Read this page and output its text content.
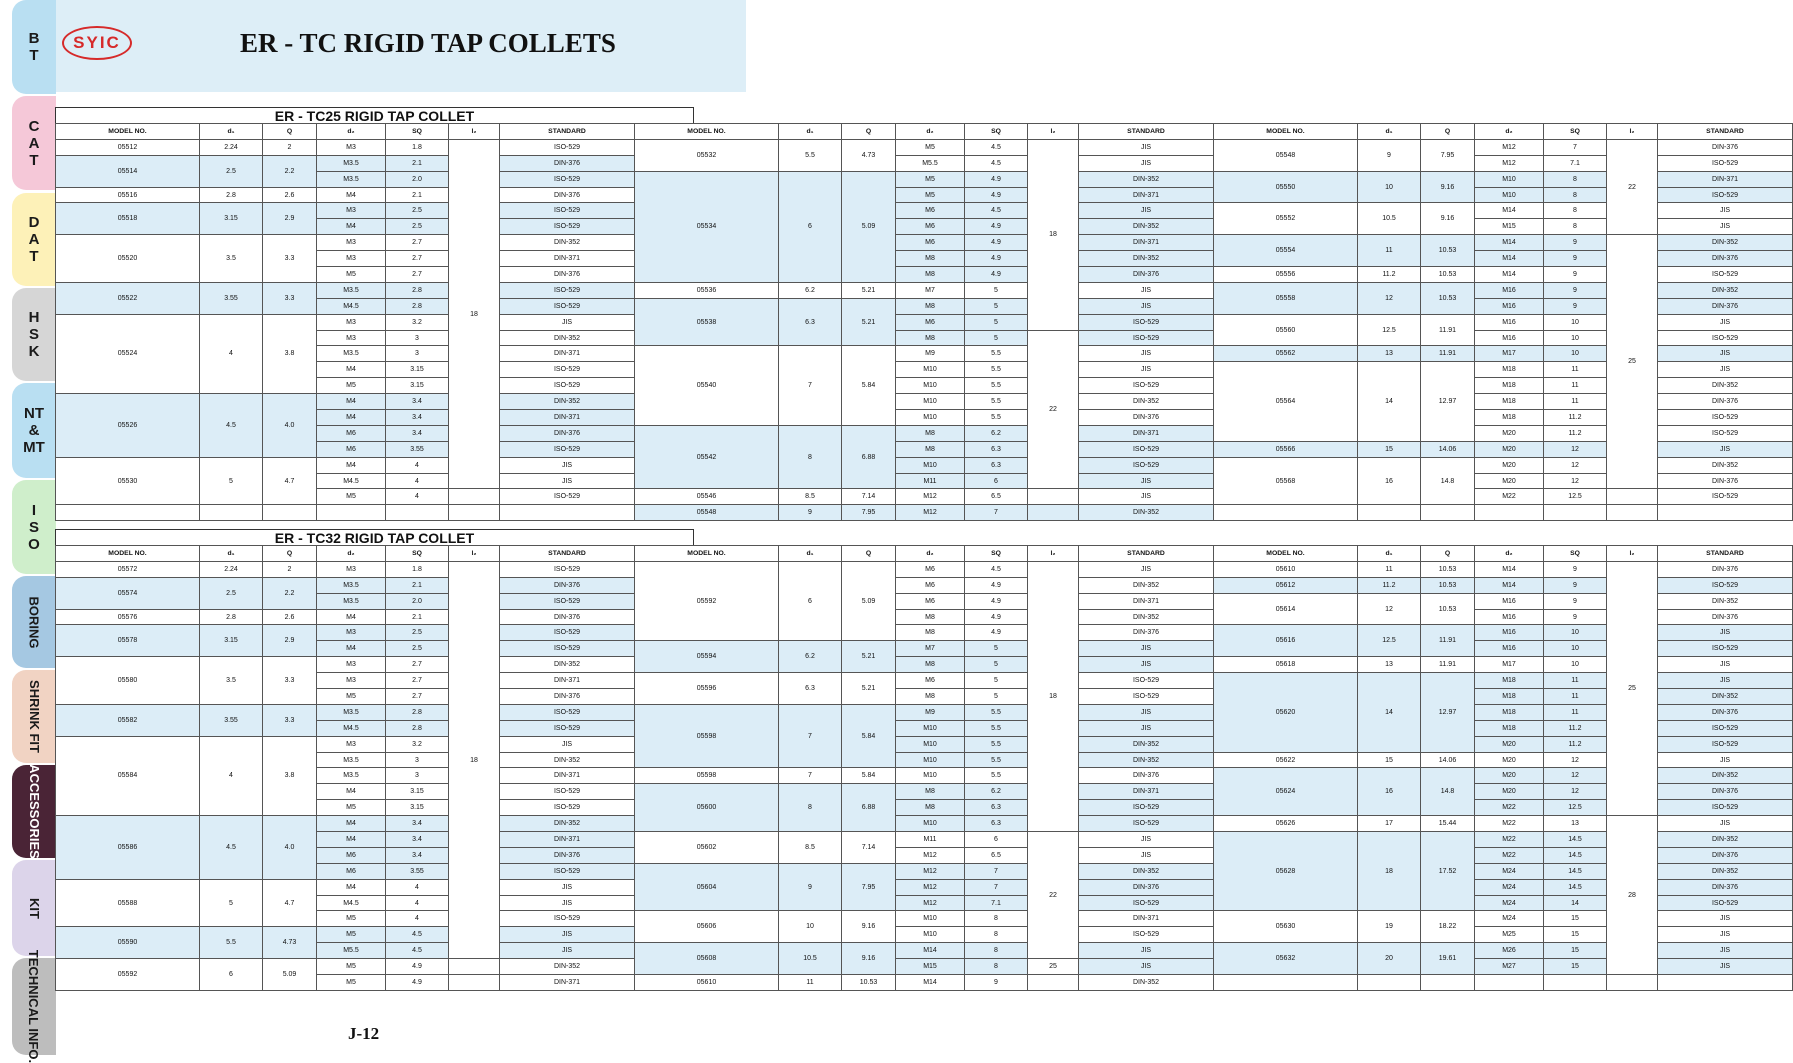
SYIC	ER - TC RIGID TAP COLLETS
B
T
C
A
T
D
A
T
H
S
K
NT
&
MT
I
S
O
BORING
SHRINK FIT
ACCESSORIES
KIT
TECHNICAL INFO.
ER - TC25 RIGID TAP COLLET
MODEL NO.	d₁	Q	d₂	SQ	l₂	STANDARD	MODEL NO.	d₁	Q	d₂	SQ	l₂	STANDARD	MODEL NO.	d₁	Q	d₂	SQ	l₂	STANDARD
05512	2.24	2	M3	1.8	18	ISO-529	05532	5.5	4.73	M5	4.5	18	JIS	05548	9	7.95	M12	7	22	DIN-376
05514	2.5	2.2	M3.5	2.1		DIN-376				M5.5	4.5		JIS				M12	7.1		ISO-529
			M3.5	2.0		ISO-529	05534	6	5.09	M5	4.9		DIN-352	05550	10	9.16	M10	8		DIN-371
05516	2.8	2.6	M4	2.1		DIN-376				M5	4.9		DIN-371				M10	8		ISO-529
05518	3.15	2.9	M3	2.5		ISO-529				M6	4.5		JIS	05552	10.5	9.16	M14	8		JIS
			M4	2.5		ISO-529				M6	4.9		DIN-352				M15	8		JIS
05520	3.5	3.3	M3	2.7		DIN-352				M6	4.9		DIN-371	05554	11	10.53	M14	9	25	DIN-352
			M3	2.7		DIN-371				M8	4.9		DIN-352				M14	9		DIN-376
			M5	2.7		DIN-376				M8	4.9		DIN-376	05556	11.2	10.53	M14	9		ISO-529
05522	3.55	3.3	M3.5	2.8		ISO-529	05536	6.2	5.21	M7	5		JIS	05558	12	10.53	M16	9		DIN-352
			M4.5	2.8		ISO-529	05538	6.3	5.21	M8	5		JIS				M16	9		DIN-376
05524	4	3.8	M3	3.2		JIS				M6	5		ISO-529	05560	12.5	11.91	M16	10		JIS
			M3	3		DIN-352				M8	5	22	ISO-529				M16	10		ISO-529
			M3.5	3		DIN-371	05540	7	5.84	M9	5.5		JIS	05562	13	11.91	M17	10		JIS
			M4	3.15		ISO-529				M10	5.5		JIS	05564	14	12.97	M18	11		JIS
			M5	3.15		ISO-529				M10	5.5		ISO-529				M18	11		DIN-352
05526	4.5	4.0	M4	3.4		DIN-352				M10	5.5		DIN-352				M18	11		DIN-376
			M4	3.4		DIN-371				M10	5.5		DIN-376				M18	11.2		ISO-529
			M6	3.4		DIN-376	05542	8	6.88	M8	6.2		DIN-371				M20	11.2		ISO-529
			M6	3.55		ISO-529				M8	6.3		ISO-529	05566	15	14.06	M20	12		JIS
05530	5	4.7	M4	4		JIS				M10	6.3		ISO-529	05568	16	14.8	M20	12		DIN-352
			M4.5	4		JIS				M11	6		JIS				M20	12		DIN-376
			M5	4		ISO-529	05546	8.5	7.14	M12	6.5		JIS				M22	12.5		ISO-529
							05548	9	7.95	M12	7		DIN-352							
ER - TC32 RIGID TAP COLLET
MODEL NO.	d₁	Q	d₂	SQ	l₂	STANDARD	MODEL NO.	d₁	Q	d₂	SQ	l₂	STANDARD	MODEL NO.	d₁	Q	d₂	SQ	l₂	STANDARD
05572	2.24	2	M3	1.8	18	ISO-529	05592	6	5.09	M6	4.5	18	JIS	05610	11	10.53	M14	9	25	DIN-376
05574	2.5	2.2	M3.5	2.1		DIN-376				M6	4.9		DIN-352	05612	11.2	10.53	M14	9		ISO-529
			M3.5	2.0		ISO-529				M6	4.9		DIN-371	05614	12	10.53	M16	9		DIN-352
05576	2.8	2.6	M4	2.1		DIN-376				M8	4.9		DIN-352				M16	9		DIN-376
05578	3.15	2.9	M3	2.5		ISO-529				M8	4.9		DIN-376	05616	12.5	11.91	M16	10		JIS
			M4	2.5		ISO-529	05594	6.2	5.21	M7	5		JIS				M16	10		ISO-529
05580	3.5	3.3	M3	2.7		DIN-352				M8	5		JIS	05618	13	11.91	M17	10		JIS
			M3	2.7		DIN-371	05596	6.3	5.21	M6	5		ISO-529	05620	14	12.97	M18	11		JIS
			M5	2.7		DIN-376				M8	5		ISO-529				M18	11		DIN-352
05582	3.55	3.3	M3.5	2.8		ISO-529	05598	7	5.84	M9	5.5		JIS				M18	11		DIN-376
			M4.5	2.8		ISO-529				M10	5.5		JIS				M18	11.2		ISO-529
05584	4	3.8	M3	3.2		JIS				M10	5.5		DIN-352				M20	11.2		ISO-529
			M3.5	3		DIN-352				M10	5.5		DIN-352	05622	15	14.06	M20	12		JIS
			M3.5	3		DIN-371	05598	7	5.84	M10	5.5		DIN-376	05624	16	14.8	M20	12		DIN-352
			M4	3.15		ISO-529	05600	8	6.88	M8	6.2		DIN-371				M20	12		DIN-376
			M5	3.15		ISO-529				M8	6.3		ISO-529				M22	12.5		ISO-529
05586	4.5	4.0	M4	3.4		DIN-352				M10	6.3		ISO-529	05626	17	15.44	M22	13	28	JIS
			M4	3.4		DIN-371	05602	8.5	7.14	M11	6	22	JIS	05628	18	17.52	M22	14.5		DIN-352
			M6	3.4		DIN-376				M12	6.5		JIS				M22	14.5		DIN-376
			M6	3.55		ISO-529	05604	9	7.95	M12	7		DIN-352				M24	14.5		DIN-352
05588	5	4.7	M4	4		JIS				M12	7		DIN-376				M24	14.5		DIN-376
			M4.5	4		JIS				M12	7.1		ISO-529				M24	14		ISO-529
			M5	4		ISO-529	05606	10	9.16	M10	8		DIN-371	05630	19	18.22	M24	15		JIS
05590	5.5	4.73	M5	4.5		JIS				M10	8		ISO-529				M25	15		JIS
			M5.5	4.5		JIS	05608	10.5	9.16	M14	8		JIS	05632	20	19.61	M26	15		JIS
05592	6	5.09	M5	4.9		DIN-352				M15	8	25	JIS				M27	15		JIS
			M5	4.9		DIN-371	05610	11	10.53	M14	9		DIN-352							
J-12
